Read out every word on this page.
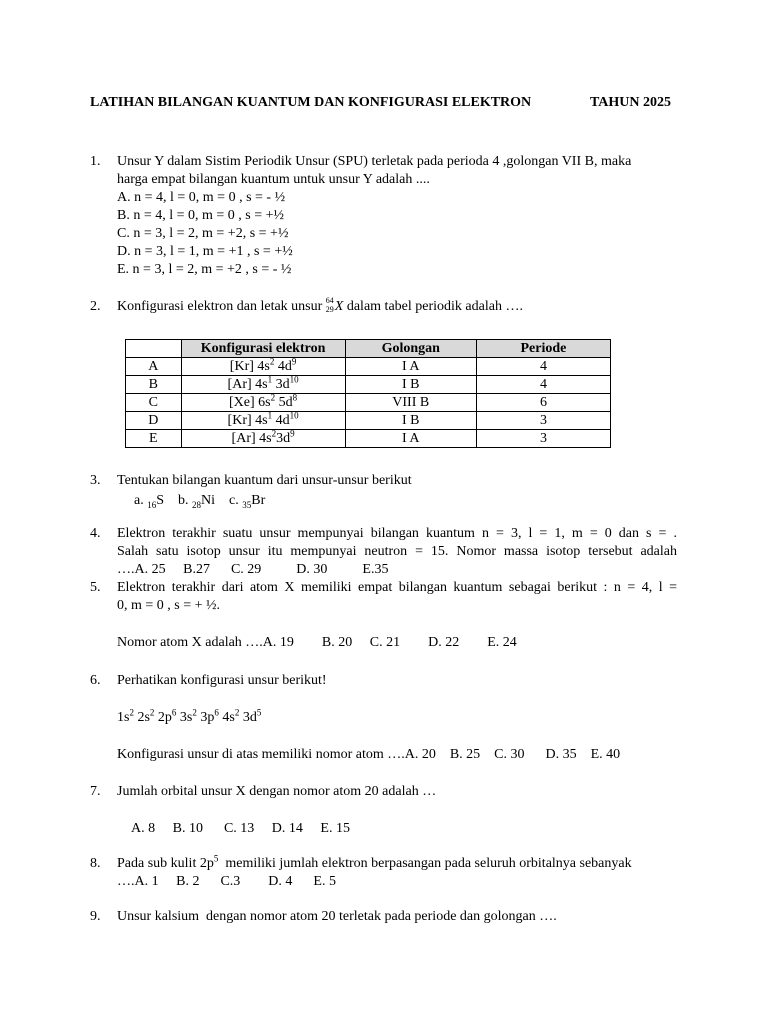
LATIHAN BILANGAN KUANTUM DAN KONFIGURASI ELEKTRON	TAHUN 2025
1. Unsur Y dalam Sistim Periodik Unsur (SPU) terletak pada perioda 4 ,golongan VII B, maka
harga empat bilangan kuantum untuk unsur Y adalah ....
A. n = 4, l = 0, m = 0 , s = - ½
B. n = 4, l = 0, m = 0 , s = +½
C. n = 3, l = 2, m = +2, s = +½
D. n = 3, l = 1, m = +1 , s = +½
E. n = 3, l = 2, m = +2 , s = - ½
2. Konfigurasi elektron dan letak unsur 64
29 X dalam tabel periodik adalah ….
	Konfigurasi elektron	Golongan	Periode
A	[Kr] $4s^2$ $4d^9$	I A	4
B	[Ar] $4s^1$ $3d^{10}$	I B	4
C	[Xe] $6s^2$ $5d^8$	VIII B	6
D	[Kr] $4s^1$ $4d^{10}$	I B	3
E	[Ar] $4s^23d^9$	I A	3
3. Tentukan bilangan kuantum dari unsur-unsur berikut
a. $_{16}$S b. $_{28}$Ni c. $_{35}$Br
4. Elektron terakhir suatu unsur mempunyai bilangan kuantum n = 3, l = 1, m = 0 dan s = .
Salah satu isotop unsur itu mempunyai neutron = 15. Nomor massa isotop tersebut adalah
….A. 25     B.27      C. 29          D. 30          E.35
5. Elektron terakhir dari atom X memiliki empat bilangan kuantum sebagai berikut : n = 4, l =
0, m = 0 , s = + ½.
Nomor atom X adalah ….A. 19        B. 20     C. 21        D. 22        E. 24
6. Perhatikan konfigurasi unsur berikut!
$1s^2$ $2s^2$ $2p^6$ $3s^2$ $3p^6$ $4s^2$ $3d^5$
Konfigurasi unsur di atas memiliki nomor atom ….A. 20    B. 25    C. 30      D. 35    E. 40
7. Jumlah orbital unsur X dengan nomor atom 20 adalah …
A. 8     B. 10      C. 13     D. 14     E. 15
8. Pada sub kulit $2p^5$  memiliki jumlah elektron berpasangan pada seluruh orbitalnya sebanyak
….A. 1     B. 2      C.3        D. 4      E. 5
9. Unsur kalsium  dengan nomor atom 20 terletak pada periode dan golongan ….
